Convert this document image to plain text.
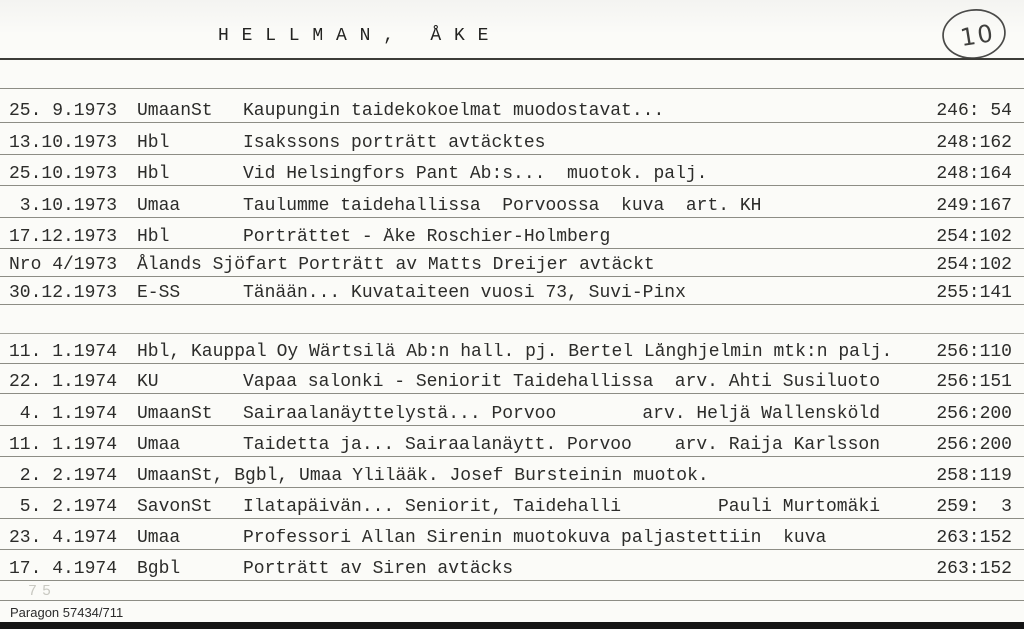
H E L L M A N ,   Å K E	10
25. 9.1973	UmaanSt	Kaupungin taidekokoelmat muodostavat...	246: 54
13.10.1973	Hbl	Isakssons porträtt avtäcktes	248:162
25.10.1973	Hbl	Vid Helsingfors Pant Ab:s...  muotok. palj.	248:164
3.10.1973	Umaa	Taulumme taidehallissa  Porvoossa  kuva  art. KH	249:167
17.12.1973	Hbl	Porträttet - Åke Roschier-Holmberg	254:102
Nro 4/1973	Ålands Sjöfart Porträtt av Matts Dreijer avtäckt	254:102
30.12.1973	E-SS	Tänään... Kuvataiteen vuosi 73, Suvi-Pinx	255:141
11. 1.1974	Hbl, Kauppal Oy Wärtsilä Ab:n hall. pj. Bertel Långhjelmin mtk:n palj.	256:110
22. 1.1974	KU	Vapaa salonki - Seniorit Taidehallissa	arv. Ahti Susiluoto	256:151
4. 1.1974	UmaanSt	Sairaalanäyttelystä... Porvoo	arv. Heljä Wallensköld	256:200
11. 1.1974	Umaa	Taidetta ja... Sairaalanäytt. Porvoo	arv. Raija Karlsson	256:200
2. 2.1974	UmaanSt, Bgbl, Umaa Ylilääk. Josef Bursteinin muotok.	258:119
5. 2.1974	SavonSt	Ilatapäivän... Seniorit, Taidehalli	Pauli Murtomäki	259:  3
23. 4.1974	Umaa	Professori Allan Sirenin muotokuva paljastettiin  kuva	263:152
17. 4.1974	Bgbl	Porträtt av Siren avtäcks	263:152
75
Paragon 57434/711
